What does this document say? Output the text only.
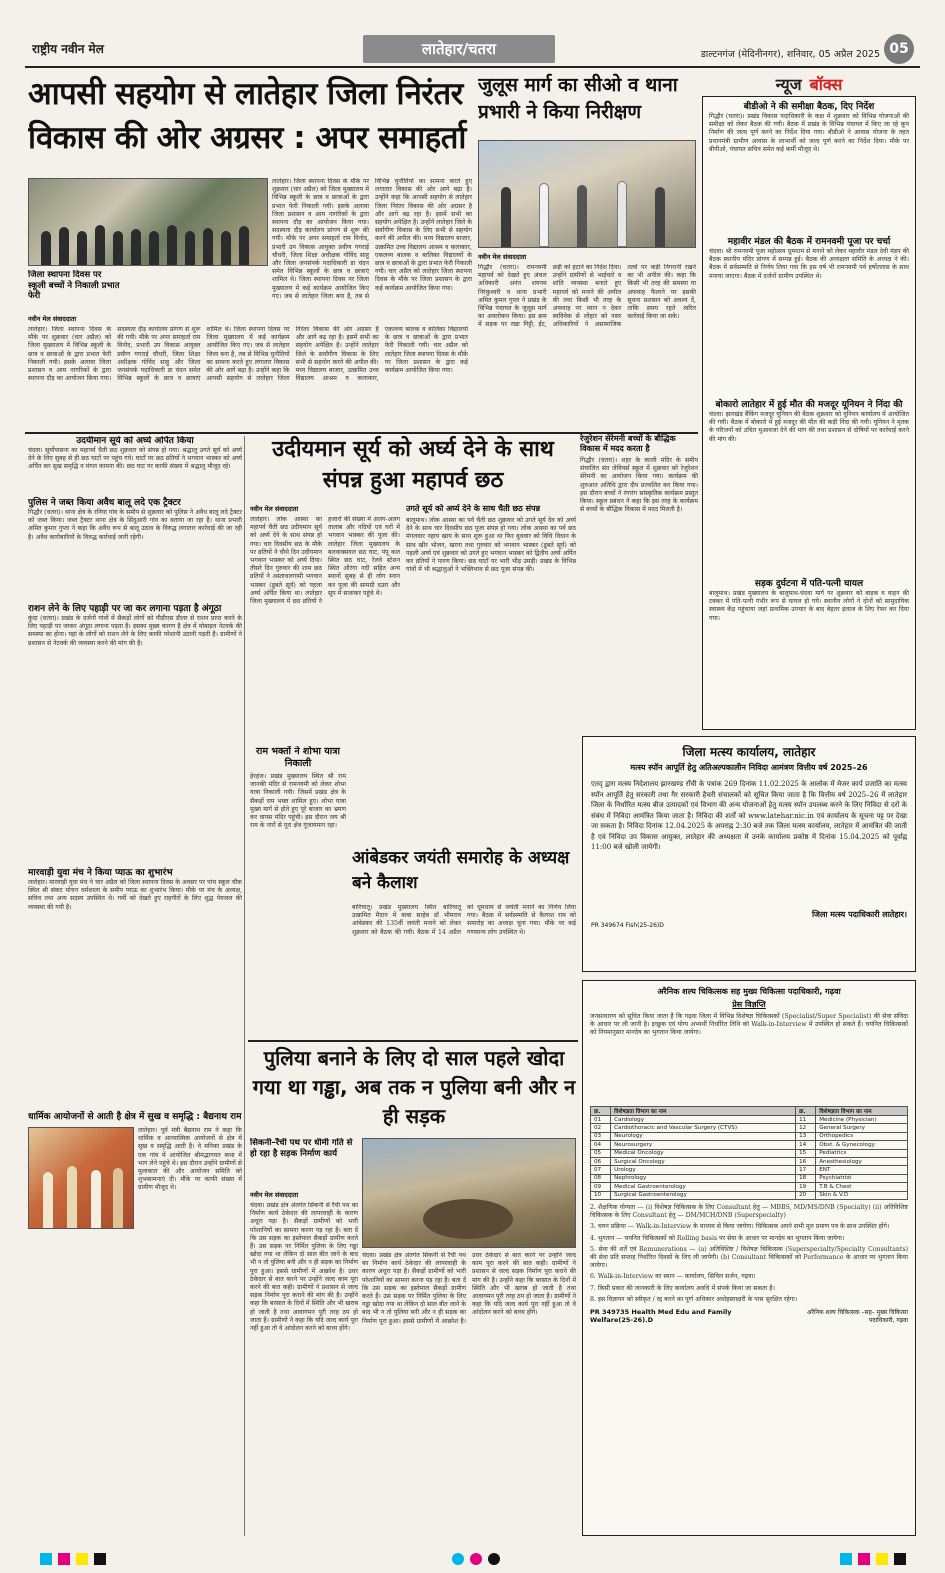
राष्ट्रीय नवीन मेल	लातेहार/चतरा	डाल्टनगंज (मेदिनीनगर), शनिवार, 05 अप्रैल 2025 05
आपसी सहयोग से लातेहार जिला निरंतर विकास की ओर अग्रसर : अपर समाहर्ता
जिला स्थापना दिवस पर स्कूली बच्चों ने निकाली प्रभात फेरी
नवीन मेल संवाददाता
लातेहार। जिला स्थापना दिवस के मौके पर शुक्रवार (चार अप्रैल) को जिला मुख्यालय में विभिन्न स्कूली के छात्र व छात्राओं के द्वारा प्रभात फेरी निकाली गयी। इसके अलावा जिला प्रशासन व आम नागरिकों के द्वारा स्थापना दौड़ का आयोजन किया गया। सदस्यता दौड़ कार्यालय प्रांगण से शुरू की गयी। मौके पर अपर समाहर्ता राम विनोद, प्रभारी उप विकास आयुक्त प्रवीण गगराई चौधरी, जिला शिक्षा अधीक्षक गोविंद साहु और जिला जनसंपर्क पदाधिकारी डा चंदन समेत विभिन्न स्कूलों के छात्र व छात्राएं शामिल थे। जिला स्थापना दिवस पर जिला मुख्यालय में कई कार्यक्रम आयोजित किए गए। जब से लातेहार जिला बना है, तब से विभिन्न चुनौतियों का सामना करते हुए लगातार विकास की ओर आगे बढ़ा है। उन्होंने कहा कि आपसी सहयोग से लातेहार जिला निरंतर विकास की ओर अग्रसर है और आगे बढ़ रहा है। इसमें सभी का सहयोग अपेक्षित है। उन्होंने लातेहार जिले के सर्वांगीण विकास के लिए सभी से सहयोग करने की अपील की। मध्य विद्यालय बाजार, उत्क्रमित उच्च विद्यालय आश्रम व कलाकार, एकलव्य बालक व बालिका विद्यालयों के छात्र व छात्राओं के द्वारा प्रभात फेरी निकाली गयी। चार अप्रैल को लातेहार जिला स्थापना दिवस के मौके पर जिला प्रशासन के द्वारा कई कार्यक्रम आयोजित किया गया।
लातेहार। जिला स्थापना दिवस के मौके पर शुक्रवार (चार अप्रैल) को जिला मुख्यालय में विभिन्न स्कूली के छात्र व छात्राओं के द्वारा प्रभात फेरी निकाली गयी। इसके अलावा जिला प्रशासन व आम नागरिकों के द्वारा स्थापना दौड़ का आयोजन किया गया। सदस्यता दौड़ कार्यालय प्रांगण से शुरू की गयी। मौके पर अपर समाहर्ता राम विनोद, प्रभारी उप विकास आयुक्त प्रवीण गगराई चौधरी, जिला शिक्षा अधीक्षक गोविंद साहु और जिला जनसंपर्क पदाधिकारी डा चंदन समेत विभिन्न स्कूलों के छात्र व छात्राएं शामिल थे। जिला स्थापना दिवस पर जिला मुख्यालय में कई कार्यक्रम आयोजित किए गए। जब से लातेहार जिला बना है, तब से विभिन्न चुनौतियों का सामना करते हुए लगातार विकास की ओर आगे बढ़ा है। उन्होंने कहा कि आपसी सहयोग से लातेहार जिला निरंतर विकास की ओर अग्रसर है और आगे बढ़ रहा है। इसमें सभी का सहयोग अपेक्षित है। उन्होंने लातेहार जिले के सर्वांगीण विकास के लिए सभी से सहयोग करने की अपील की। मध्य विद्यालय बाजार, उत्क्रमित उच्च विद्यालय आश्रम व कलाकार, एकलव्य बालक व बालिका विद्यालयों के छात्र व छात्राओं के द्वारा प्रभात फेरी निकाली गयी। चार अप्रैल को लातेहार जिला स्थापना दिवस के मौके पर जिला प्रशासन के द्वारा कई कार्यक्रम आयोजित किया गया।
जुलूस मार्ग का सीओ व थाना प्रभारी ने किया निरीक्षण
नवीन मेल संवाददाता
गिद्धौर (चतरा)। रामनवमी महापर्व को देखते हुए अंचल अधिकारी अनंत शयनम निरंकुश्वरी व थाना प्रभारी अमित कुमार गुप्ता ने प्रखंड के विभिन्न पंचायत के जुलूस मार्ग का अवलोकन किया। इस क्रम में सड़क पर रखा गिट्टी, ईंट, छड़ी को हटाने का निर्देश दिया। उन्होंने ग्रामीणों से भाईचारे व शांति व्यवस्था बनाते हुए महापर्व को मनाने की अपील की तथा किसी भी तरह के अफवाह पर ध्यान न देकर स्वविवेक से लोहार को नसर अधिकारियों ने असामाजिक तत्वों पर कड़ी निगरानी रखने का भी अपील की। कहा कि किसी भी तरह की समस्या या अफवाह फैलाने पर इसकी सूचना प्रशासन को अवश्य दें, ताकि समय रहते त्वरित कार्रवाई किया जा सके।
न्यूज बॉक्स
बीडीओ ने की समीक्षा बैठक, दिए निर्देश
गिद्धौर (चतरा)। प्रखंड विकास पदाधिकारी के कक्ष में शुक्रवार को विभिन्न योजनाओं की समीक्षा को लेकर बैठक की गयी। बैठक में प्रखंड के विभिन्न पंचायत में किए जा रहे कूप निर्माण की जल्द पूर्ण करने का निर्देश दिया गया। बीडीओ ने आवास योजना के तहत प्रधानमंत्री ग्रामीण आवास के लाभार्थी को जल्द पूर्ण करने का निर्देश दिया। मौके पर बीपीओ, पंचायत सचिव समेत कई कर्मी मौजूद थे।
महावीर मंडल की बैठक में रामनवमी पूजा पर चर्चा
चंदवा। श्री रामनवमी पूजा महोत्सव धूमधाम से मनाने को लेकर महावीर मंडल देवी मंडप की बैठक स्थानीय मंदिर प्रांगण में सम्पन्न हुई। बैठक की अध्यक्षता समिति के अध्यक्ष ने की। बैठक में सर्वसम्मति से निर्णय लिया गया कि इस वर्ष भी रामनवमी पर्व हर्षोल्लास के साथ मनाया जाएगा। बैठक में दर्जनों ग्रामीण उपस्थित थे।
बोकारो लातेहार में हुई मौत की मजदूर यूनियन ने निंदा की
चंदवा। झारखंड बैंकिंग मजदूर यूनियन की बैठक शुक्रवार को यूनियन कार्यालय में आयोजित की गयी। बैठक में बोकारो में हुई मजदूर की मौत की कड़ी निंदा की गयी। यूनियन ने मृतक के परिजनों को उचित मुआवजा देने की मांग की तथा प्रशासन से दोषियों पर कार्रवाई करने की मांग की।
सड़क दुर्घटना में पति-पत्नी घायल
बालूमाथ। प्रखंड मुख्यालय के बालूमाथ-चंदवा मार्ग पर शुक्रवार को बाइक व वाहन की टक्कर में पति-पत्नी गंभीर रूप से घायल हो गये। स्थानीय लोगों ने दोनों को सामुदायिक स्वास्थ्य केंद्र पहुंचाया जहां प्राथमिक उपचार के बाद बेहतर इलाज के लिए रेफर कर दिया गया।
रेजुरेशन सेरेमनी बच्चों के बौद्धिक विकास में मदद करता है
गिद्धौर (चतरा)। शहर के काली मंदिर के समीप संचालित संत जेवियर्स स्कूल में शुक्रवार को रेजुरेशन सेरेमनी का आयोजन किया गया। कार्यक्रम की शुरुआत अतिथि द्वारा दीप प्रज्वलित कर किया गया। इस दौरान बच्चों ने रंगारंग सांस्कृतिक कार्यक्रम प्रस्तुत किया। स्कूल प्रबंधन ने कहा कि इस तरह के कार्यक्रम से बच्चों के बौद्धिक विकास में मदद मिलती है।
उदयीमान सूर्य को अर्घ्य अर्पित किया
चंदवा। सूर्योपासना का महापर्व चैती छठ शुक्रवार को संपन्न हो गया। श्रद्धालु उगते सूर्य को अर्घ्य देने के लिए सुबह से ही छठ घाटों पर पहुंच गये। घाटों पर छठ व्रतियों ने भगवान भास्कर को अर्घ्य अर्पित कर सुख समृद्धि व मंगल कामना की। छठ घाट पर काफी संख्या में श्रद्धालु मौजूद रहे।
पुलिस ने जब्त किया अवैध बालू लदे एक ट्रैक्टर
गिद्धौर (चतरा)। थाना क्षेत्र के रनिया गांव के समीप से शुक्रवार को पुलिस ने अवैध बालू लदे ट्रैक्टर को जब्त किया। जब्त ट्रैक्टर थाना क्षेत्र के सिंदुआरी गांव का बताया जा रहा है। थाना प्रभारी अमित कुमार गुप्ता ने कहा कि अवैध रूप से बालू उठाव के विरुद्ध लगातार कार्रवाई की जा रही है। अवैध कारोबारियों के विरुद्ध कार्रवाई जारी रहेगी।
राशन लेने के लिए पहाड़ी पर जा कर लगाना पड़ता है अंगूठा
कुंदा (चतरा)। प्रखंड के दर्जनों गांवों में सैकड़ों लोगों को पीडीएस डीलर से राशन प्राप्त करने के लिए पहाड़ी पर जाकर अंगूठा लगाना पड़ता है। इसका मुख्य कारण है क्षेत्र में मोबाइल नेटवर्क की समस्या का होना। यहां के लोगों को राशन लेने के लिए काफी परेशानी उठानी पड़ती है। ग्रामीणों ने प्रशासन से नेटवर्क की व्यवस्था करने की मांग की है।
मारवाड़ी युवा मंच ने किया प्याऊ का शुभारंभ
लातेहार। मारवाड़ी युवा मंच ने चार अप्रैल को जिला स्थापना दिवस के अवसर पर पांच स्कूल चौक स्थित श्री संकट मोचन धर्मशाला के समीप प्याऊ का शुभारंभ किया। मौके पर मंच के अध्यक्ष, सचिव तथा अन्य सदस्य उपस्थित थे। गर्मी को देखते हुए राहगीरों के लिए शुद्ध पेयजल की व्यवस्था की गयी है।
धार्मिक आयोजनों से आती है क्षेत्र में सुख व समृद्धि : बैद्यनाथ राम
लातेहार। पूर्व मंत्री बैद्यनाथ राम ने कहा कि धार्मिक व आध्यात्मिक आयोजनों से क्षेत्र में सुख व समृद्धि आती है। वे मनिका प्रखंड के एक गांव में आयोजित श्रीमद्भागवत कथा में भाग लेने पहुंचे थे। इस दौरान उन्होंने ग्रामीणों से मुलाकात की और आयोजन समिति को शुभकामनाएं दी। मौके पर काफी संख्या में ग्रामीण मौजूद थे।
उदीयमान सूर्य को अर्घ्य देने के साथ संपन्न हुआ महापर्व छठ
नवीन मेल संवाददाता
लातेहार। लोक आस्था का महापर्व चैती छठ उदीयमान सूर्य को अर्घ्य देने के साथ संपन्न हो गया। चार दिवसीय छठ के मौके पर व्रतियों ने चौथे दिन उदीयमान भगवान भास्कर को अर्घ्य दिया। तीसरे दिन गुरुवार की शाम छठ व्रतियों ने अस्ताचलगामी भगवान भास्कर (डूबते सूर्य) को पहला अर्घ्य अर्पित किया था। लातेहार जिला मुख्यालय में छठ व्रतियों ने हजारों की संख्या में अलग-अलग तालाब और नदियों एवं घरों में भगवान भास्कर की पूजा की। लातेहार जिला मुख्यालय के बलवाक्सवल छठ घाट, पंपू कल स्थित छठ घाट, रेलवे स्टेशन स्थित औरंगा नदी सहित अन्य स्थानों सुबह से ही लोग स्नान कर पूजा की सामग्री दउरा और सूप में सजाकर पहुंचे थे।
उगते सूर्य को अर्घ्य देने के साथ चैती छठ संपन्न
बालूमाथ। लोक आस्था का पर्व चैती छठ शुक्रवार को उगते सूर्य देव को अर्घ्य देने के साथ चार दिवसीय छठ पूजा संपन्न हो गया। लोक आस्था का पर्व छठ मंगलवार नहाय खाय के साथ शुरू हुआ था फिर बुधवार को विधि विधान के साथ खीर भोजन, खरना तथा गुरुवार को भगवान भास्कर (डूबते सूर्य) को पहली अर्घ्य एवं शुक्रवार को उगते हुए भगवान भास्कर को द्वितीय अर्घ्य अर्पित कर व्रतियों ने पारण किया। छठ घाटों पर भारी भीड़ उमड़ी। प्रखंड के विभिन्न गांवों में भी श्रद्धालुओं ने भक्तिभाव से छठ पूजा संपन्न की।
राम भक्तों ने शोभा यात्रा निकाली
हेरहंज। प्रखंड मुख्यालय स्थित श्री राम जानकी मंदिर से रामनवमी को लेकर शोभा यात्रा निकाली गयी। जिसमें प्रखंड क्षेत्र के सैकड़ों राम भक्त शामिल हुए। शोभा यात्रा मुख्य मार्ग से होते हुए पूरे बाजार का भ्रमण कर वापस मंदिर पहुंची। इस दौरान जय श्री राम के नारों से पूरा क्षेत्र गूंजायमान रहा।
आंबेडकर जयंती समारोह के अध्यक्ष बने कैलाश
बारियातू। प्रखंड मुख्यालय स्थित बारियातू उत्क्रमित मैदान में बाबा साहेब डॉ भीमराव आंबेडकर की 135वीं जयंती मनाने को लेकर शुक्रवार को बैठक की गयी। बैठक में 14 अप्रैल को धूमधाम से जयंती मनाने का निर्णय लिया गया। बैठक में सर्वसम्मति से कैलाश राम को समारोह का अध्यक्ष चुना गया। मौके पर कई गणमान्य लोग उपस्थित थे।
जिला मत्स्य कार्यालय, लातेहार
मत्स्य स्पॉन आपूर्ति हेतु अतिअल्पकालीन निविदा आमंत्रण वित्तीय वर्ष 2025–26
एतद् द्वारा मत्स्य निदेशालय झारखण्ड राँची के पत्रांक 269 दिनांक 11.02.2025 के आलोक में मेजर कार्प प्रजाति का मत्स्य स्पॉन आपूर्ति हेतु सरकारी तथा गैर सरकारी हैचरी संचालकों को सूचित किया जाता है कि वित्तीय वर्ष 2025–26 में लातेहार जिला के निर्धारित मत्स्य बीज उत्पादकों एवं विभाग की अन्य योजनाओं हेतु मत्स्य स्पॉन उपलब्ध करने के लिए निविदा से दरों के संबंध में निविदा आमंत्रित किया जाता है। निविदा की शर्तों को www.latehar.nic.in एवं कार्यालय के सूचना पट्ट पर देखा जा सकता है। निविदा दिनांक 12.04.2025 के अपराह्न 2:30 बजे तक जिला मत्स्य कार्यालय, लातेहार में आमंत्रित की जाती है एवं निविदा उप विकास आयुक्त, लातेहार की अध्यक्षता में उनके कार्यालय प्रकोष्ठ में दिनांक 15.04.2025 को पूर्वाह्न 11:00 बजे खोली जायेगी।
जिला मत्स्य पदाधिकारी लातेहार।
PR 349674 Fish(25-26)D
अरैनिक शल्य चिकित्सक सह मुख्य चिकित्सा पदाधिकारी, गढ़वा
प्रेस विज्ञप्ति
जनसाधारण को सूचित किया जाता है कि गढ़वा जिला में विभिन्न विशेषज्ञ चिकित्सकों (Specialist/Super Specialist) की सेवा संविदा के आधार पर ली जानी है। इच्छुक एवं योग्य अभ्यर्थी निर्धारित तिथि को Walk-in-Interview में उपस्थित हो सकते हैं। चयनित चिकित्सकों को नियमानुसार मानदेय का भुगतान किया जायेगा।
क्र.	विशेषज्ञता विभाग का नाम	क्र.	विशेषज्ञता विभाग का नाम
01	Cardiology	11	Medicine (Physician)
02	Cardiothoracic and Vascular Surgery (CTVS)	12	General Surgery
03	Neurology	13	Orthopedics
04	Neurosurgery	14	Obst. & Gynecology
05	Medical Oncology	15	Pediatrics
06	Surgical Oncology	16	Anesthesiology
07	Urology	17	ENT
08	Nephrology	18	Psychiatrist
09	Medical Gastroenterology	19	T.B & Chest
10	Surgical Gastroenterology	20	Skin & V.D
2. शैक्षणिक योग्यता — (i) विशेषज्ञ चिकित्सक के लिए Consultant हेतु — MBBS, MD/MS/DNB (Specialty) (ii) अतिविशिष्ट चिकित्सक के लिए Consultant हेतु — DM/MCH/DNB (Superspecialty)
3. चयन प्रक्रिया — Walk-in-Interview के माध्यम से किया जायेगा। चिकित्सक अपने सभी मूल प्रमाण पत्र के साथ उपस्थित होंगे।
4. भुगतान — चयनित चिकित्सकों को Rolling basis पर सेवा के आधार पर मानदेय का भुगतान किया जायेगा।
5. सेवा की शर्तें एवं Remunerations — (a) अतिविशिष्ट / विशेषज्ञ चिकित्सक (Superspecialty/Specialty Consultants) की सेवा प्रति सप्ताह निर्धारित दिवसों के लिए ली जायेगी। (b) Consultant चिकित्सकों को Performance के आधार पर भुगतान किया जायेगा।
6. Walk-in-Interview का स्थान — कार्यालय, सिविल सर्जन, गढ़वा।
7. किसी प्रकार की जानकारी के लिए कार्यालय अवधि में संपर्क किया जा सकता है।
8. इस विज्ञापन को स्वीकृत / रद्द करने का पूर्ण अधिकार अधोहस्ताक्षरी के पास सुरक्षित रहेगा।
PR 349735 Health Med Edu and Family Welfare(25-26).D
अरैनिक शल्य चिकित्सक –सह– मुख्य चिकित्सा पदाधिकारी, गढ़वा
पुलिया बनाने के लिए दो साल पहले खोदा गया था गड्ढा, अब तक न पुलिया बनी और न ही सड़क
सिकनी–रैंची पथ पर धीमी गति से हो रहा है सड़क निर्माण कार्य
नवीन मेल संवाददाता
चंदवा। प्रखंड क्षेत्र अंतर्गत सिकनी से रैंची पथ का निर्माण कार्य ठेकेदार की लापरवाही के कारण अधूरा पड़ा है। सैकड़ों ग्रामीणों को भारी परेशानियों का सामना करना पड़ रहा है। बता दें कि उस सड़क का इस्तेमाल सैकड़ों ग्रामीण करते हैं। उस सड़क पर निर्मित पुलिया के लिए गड्ढा खोदा गया था लेकिन दो साल बीत जाने के बाद भी न तो पुलिया बनी और न ही सड़क का निर्माण पूरा हुआ। इससे ग्रामीणों में आक्रोश है। उधर ठेकेदार से बात करने पर उन्होंने जल्द काम पूरा करने की बात कही। ग्रामीणों ने प्रशासन से जल्द सड़क निर्माण पूरा कराने की मांग की है। उन्होंने कहा कि बरसात के दिनों में स्थिति और भी खराब हो जाती है तथा आवागमन पूरी तरह ठप हो जाता है। ग्रामीणों ने कहा कि यदि जल्द कार्य पूरा नहीं हुआ तो वे आंदोलन करने को बाध्य होंगे।
चंदवा। प्रखंड क्षेत्र अंतर्गत सिकनी से रैंची पथ का निर्माण कार्य ठेकेदार की लापरवाही के कारण अधूरा पड़ा है। सैकड़ों ग्रामीणों को भारी परेशानियों का सामना करना पड़ रहा है। बता दें कि उस सड़क का इस्तेमाल सैकड़ों ग्रामीण करते हैं। उस सड़क पर निर्मित पुलिया के लिए गड्ढा खोदा गया था लेकिन दो साल बीत जाने के बाद भी न तो पुलिया बनी और न ही सड़क का निर्माण पूरा हुआ। इससे ग्रामीणों में आक्रोश है। उधर ठेकेदार से बात करने पर उन्होंने जल्द काम पूरा करने की बात कही। ग्रामीणों ने प्रशासन से जल्द सड़क निर्माण पूरा कराने की मांग की है। उन्होंने कहा कि बरसात के दिनों में स्थिति और भी खराब हो जाती है तथा आवागमन पूरी तरह ठप हो जाता है। ग्रामीणों ने कहा कि यदि जल्द कार्य पूरा नहीं हुआ तो वे आंदोलन करने को बाध्य होंगे।
